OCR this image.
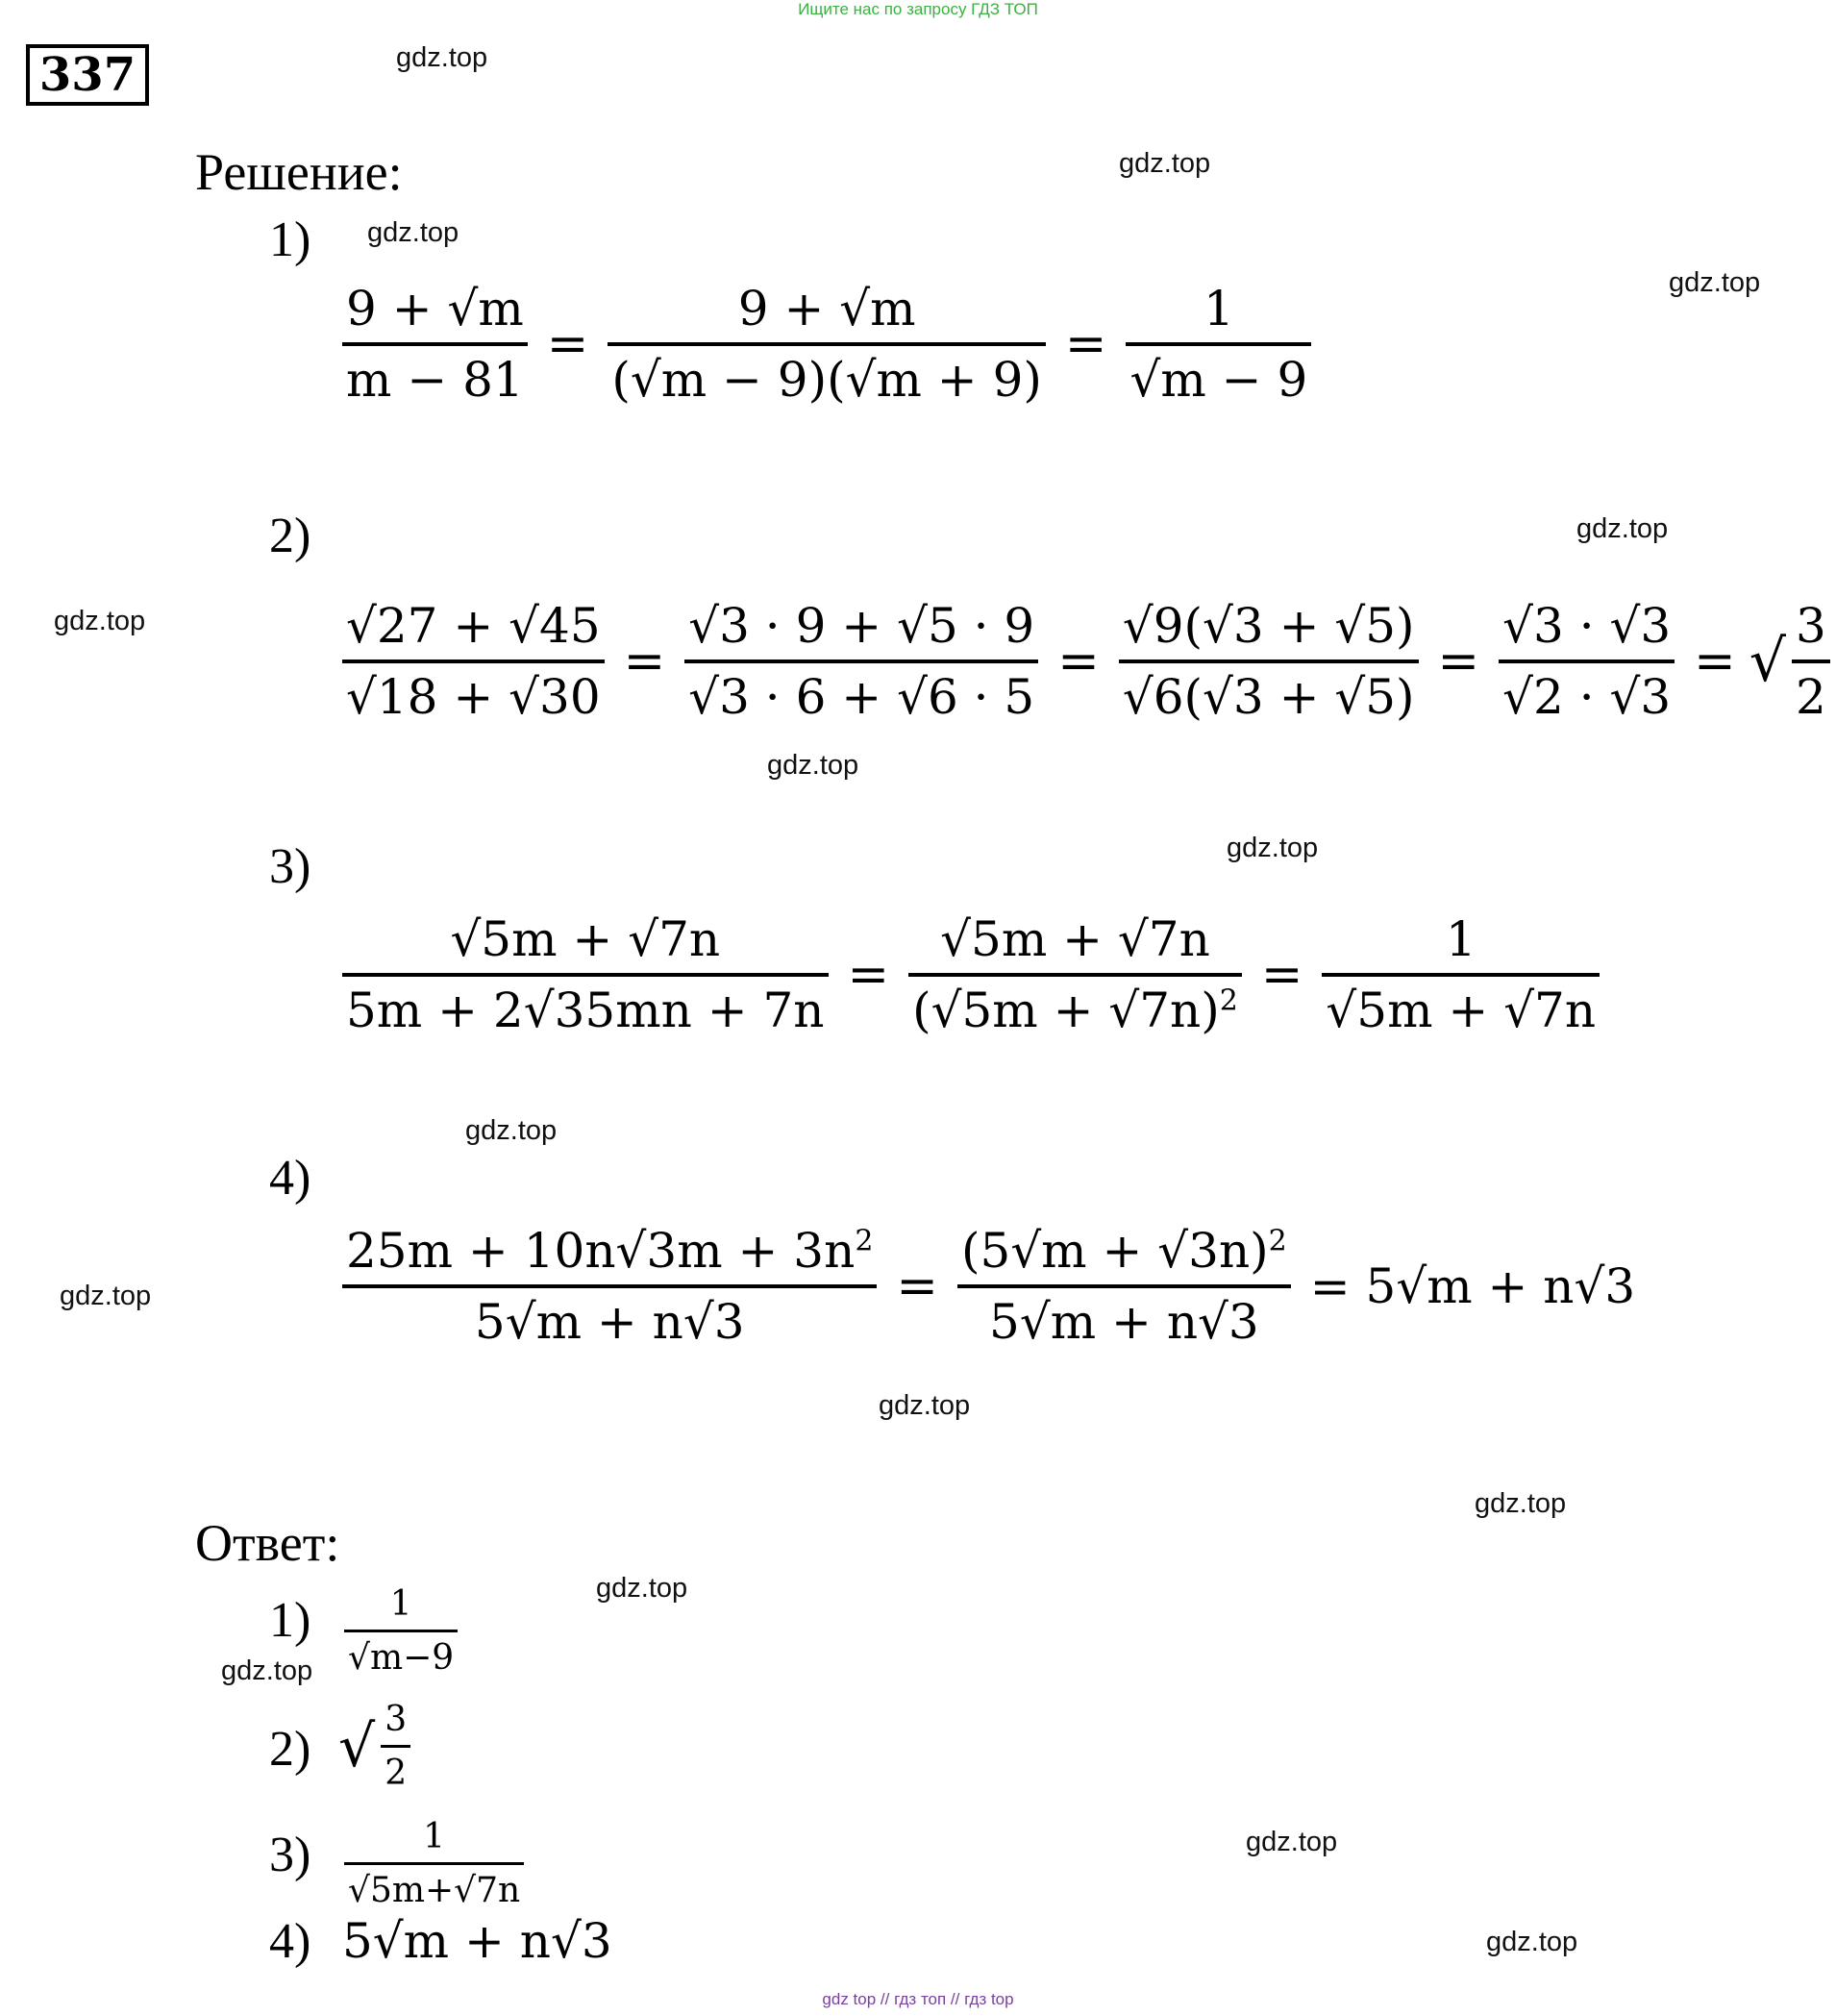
Ищите нас по запросу ГДЗ ТОП
337
Решение:
1)
$\frac{9 + √m}{m - 81} = \frac{9 + √m}{(√m - 9)(√m + 9)} = \frac{1}{√m - 9}$
2)
$\frac{√27 + √45}{√18 + √30} = \frac{√3 \cdot 9 + √5 \cdot 9}{√3 \cdot 6 + √6 \cdot 5} = \frac{√9(√3 + √5)}{√6(√3 + √5)} = \frac{√3 \cdot √3}{√2 \cdot √3}$ = √ $\frac{3}{2}$
3)
$\frac{√5m + √7n}{5m + 2√35mn + 7n} = \frac{√5m + √7n}{(√5m + √7n)^2} = \frac{1}{√5m + √7n}$
4)
$\frac{25m + 10n√3m + 3n^2}{5√m + n√3} = \frac{(5√m + √3n)^2}{5√m + n√3} = 5√m + n√3$
Ответ:
$1) \frac{1}{√m-9}$
2) √ $\frac{3}{2}$
$3) \frac{1}{√5m+√7n}$
4) 5√m + n√3
gdz.top
gdz.top
gdz.top
gdz.top
gdz.top
gdz.top
gdz.top
gdz.top
gdz.top
gdz.top
gdz.top
gdz.top
gdz.top
gdz.top
gdz.top
gdz.top
gdz top // гдз топ // гдз top
